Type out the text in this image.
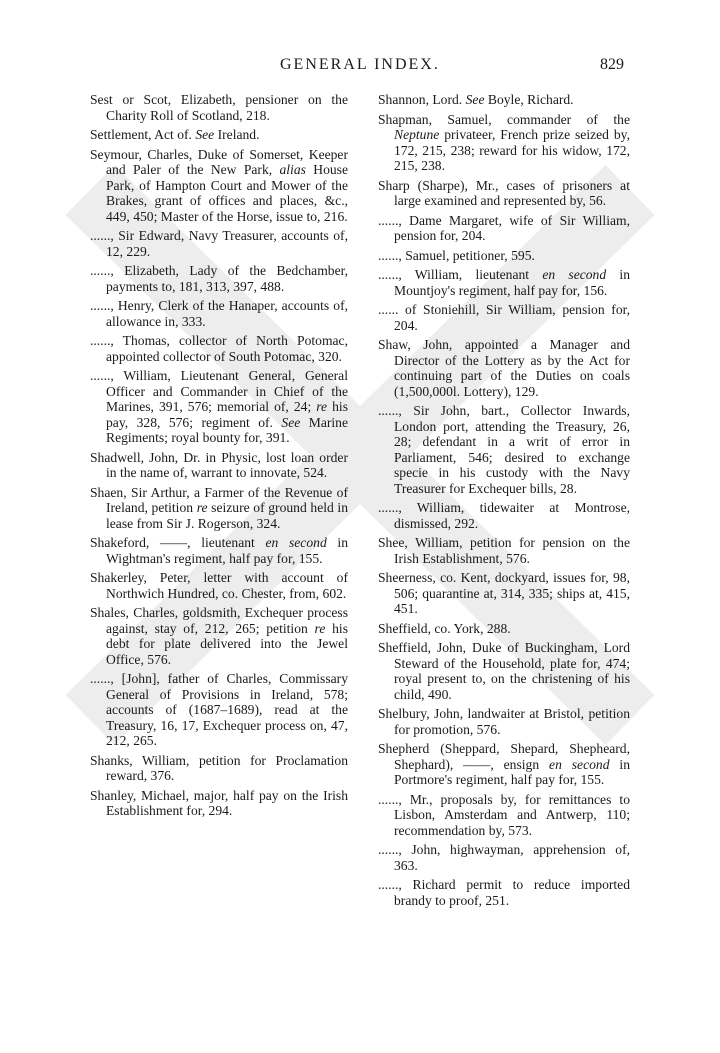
GENERAL INDEX.	829

Sest or Scot, Elizabeth, pensioner on the Charity Roll of Scotland, 218.

Settlement, Act of. See Ireland.

Seymour, Charles, Duke of Somerset, Keeper and Paler of the New Park, alias House Park, of Hampton Court and Mower of the Brakes, grant of offices and places, &c., 449, 450; Master of the Horse, issue to, 216.

......, Sir Edward, Navy Treasurer, accounts of, 12, 229.

......, Elizabeth, Lady of the Bedchamber, payments to, 181, 313, 397, 488.

......, Henry, Clerk of the Hanaper, accounts of, allowance in, 333.

......, Thomas, collector of North Potomac, appointed collector of South Potomac, 320.

......, William, Lieutenant General, General Officer and Commander in Chief of the Marines, 391, 576; memorial of, 24; re his pay, 328, 576; regiment of. See Marine Regiments; royal bounty for, 391.

Shadwell, John, Dr. in Physic, lost loan order in the name of, warrant to innovate, 524.

Shaen, Sir Arthur, a Farmer of the Revenue of Ireland, petition re seizure of ground held in lease from Sir J. Rogerson, 324.

Shakeford, ——, lieutenant en second in Wightman's regiment, half pay for, 155.

Shakerley, Peter, letter with account of Northwich Hundred, co. Chester, from, 602.

Shales, Charles, goldsmith, Exchequer process against, stay of, 212, 265; petition re his debt for plate delivered into the Jewel Office, 576.

......, [John], father of Charles, Commissary General of Provisions in Ireland, 578; accounts of (1687–1689), read at the Treasury, 16, 17, Exchequer process on, 47, 212, 265.

Shanks, William, petition for Proclamation reward, 376.

Shanley, Michael, major, half pay on the Irish Establishment for, 294.

Shannon, Lord. See Boyle, Richard.

Shapman, Samuel, commander of the Neptune privateer, French prize seized by, 172, 215, 238; reward for his widow, 172, 215, 238.

Sharp (Sharpe), Mr., cases of prisoners at large examined and represented by, 56.

......, Dame Margaret, wife of Sir William, pension for, 204.

......, Samuel, petitioner, 595.

......, William, lieutenant en second in Mountjoy's regiment, half pay for, 156.

...... of Stoniehill, Sir William, pension for, 204.

Shaw, John, appointed a Manager and Director of the Lottery as by the Act for continuing part of the Duties on coals (1,500,000l. Lottery), 129.

......, Sir John, bart., Collector Inwards, London port, attending the Treasury, 26, 28; defendant in a writ of error in Parliament, 546; desired to exchange specie in his custody with the Navy Treasurer for Exchequer bills, 28.

......, William, tidewaiter at Montrose, dismissed, 292.

Shee, William, petition for pension on the Irish Establishment, 576.

Sheerness, co. Kent, dockyard, issues for, 98, 506; quarantine at, 314, 335; ships at, 415, 451.

Sheffield, co. York, 288.

Sheffield, John, Duke of Buckingham, Lord Steward of the Household, plate for, 474; royal present to, on the christening of his child, 490.

Shelbury, John, landwaiter at Bristol, petition for promotion, 576.

Shepherd (Sheppard, Shepard, Shepheard, Shephard), ——, ensign en second in Portmore's regiment, half pay for, 155.

......, Mr., proposals by, for remittances to Lisbon, Amsterdam and Antwerp, 110; recommendation by, 573.

......, John, highwayman, apprehension of, 363.

......, Richard permit to reduce imported brandy to proof, 251.
